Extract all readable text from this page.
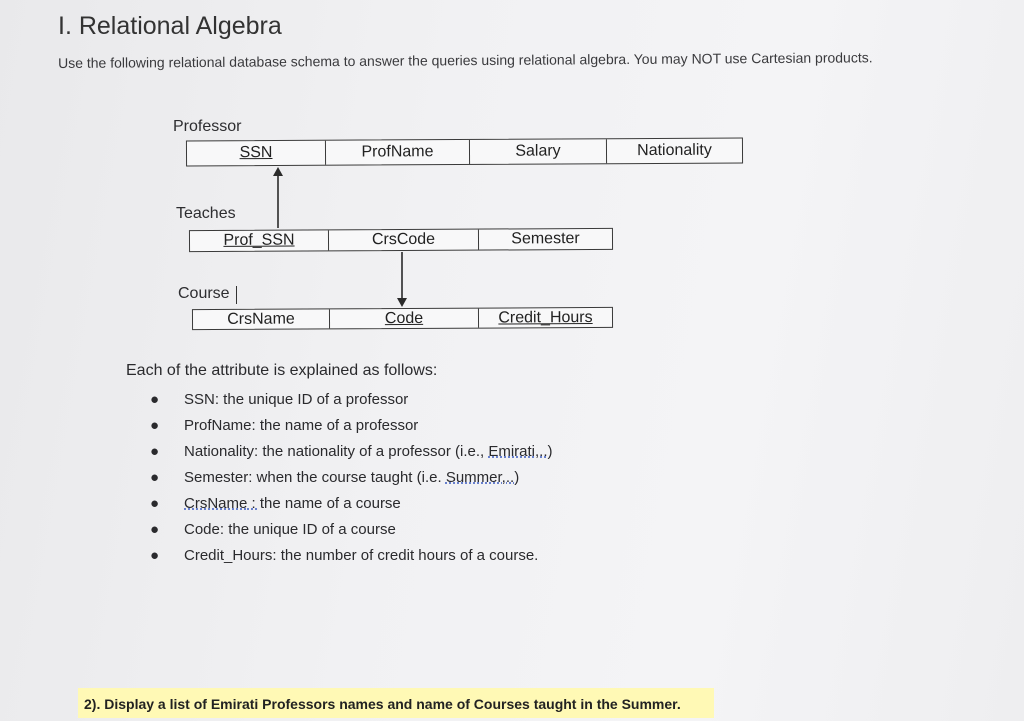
I. Relational Algebra
Use the following relational database schema to answer the queries using relational algebra. You may NOT use Cartesian products.
Professor
SSN	ProfName	Salary	Nationality
Teaches
Prof_SSN	CrsCode	Semester
Course
CrsName	Code	Credit_Hours
Each of the attribute is explained as follows:
●	SSN : the unique ID of a professor
●	ProfName : the name of a professor
●	Nationality : the nationality of a professor (i.e., Emirati,.. )
●	Semester : when the course taught (i.e. Summer,.. )
●	CrsName : the name of a course
●	Code : the unique ID of a course
●	Credit_Hours : the number of credit hours of a course.
2). Display a list of Emirati Professors names and name of Courses taught in the Summer.
